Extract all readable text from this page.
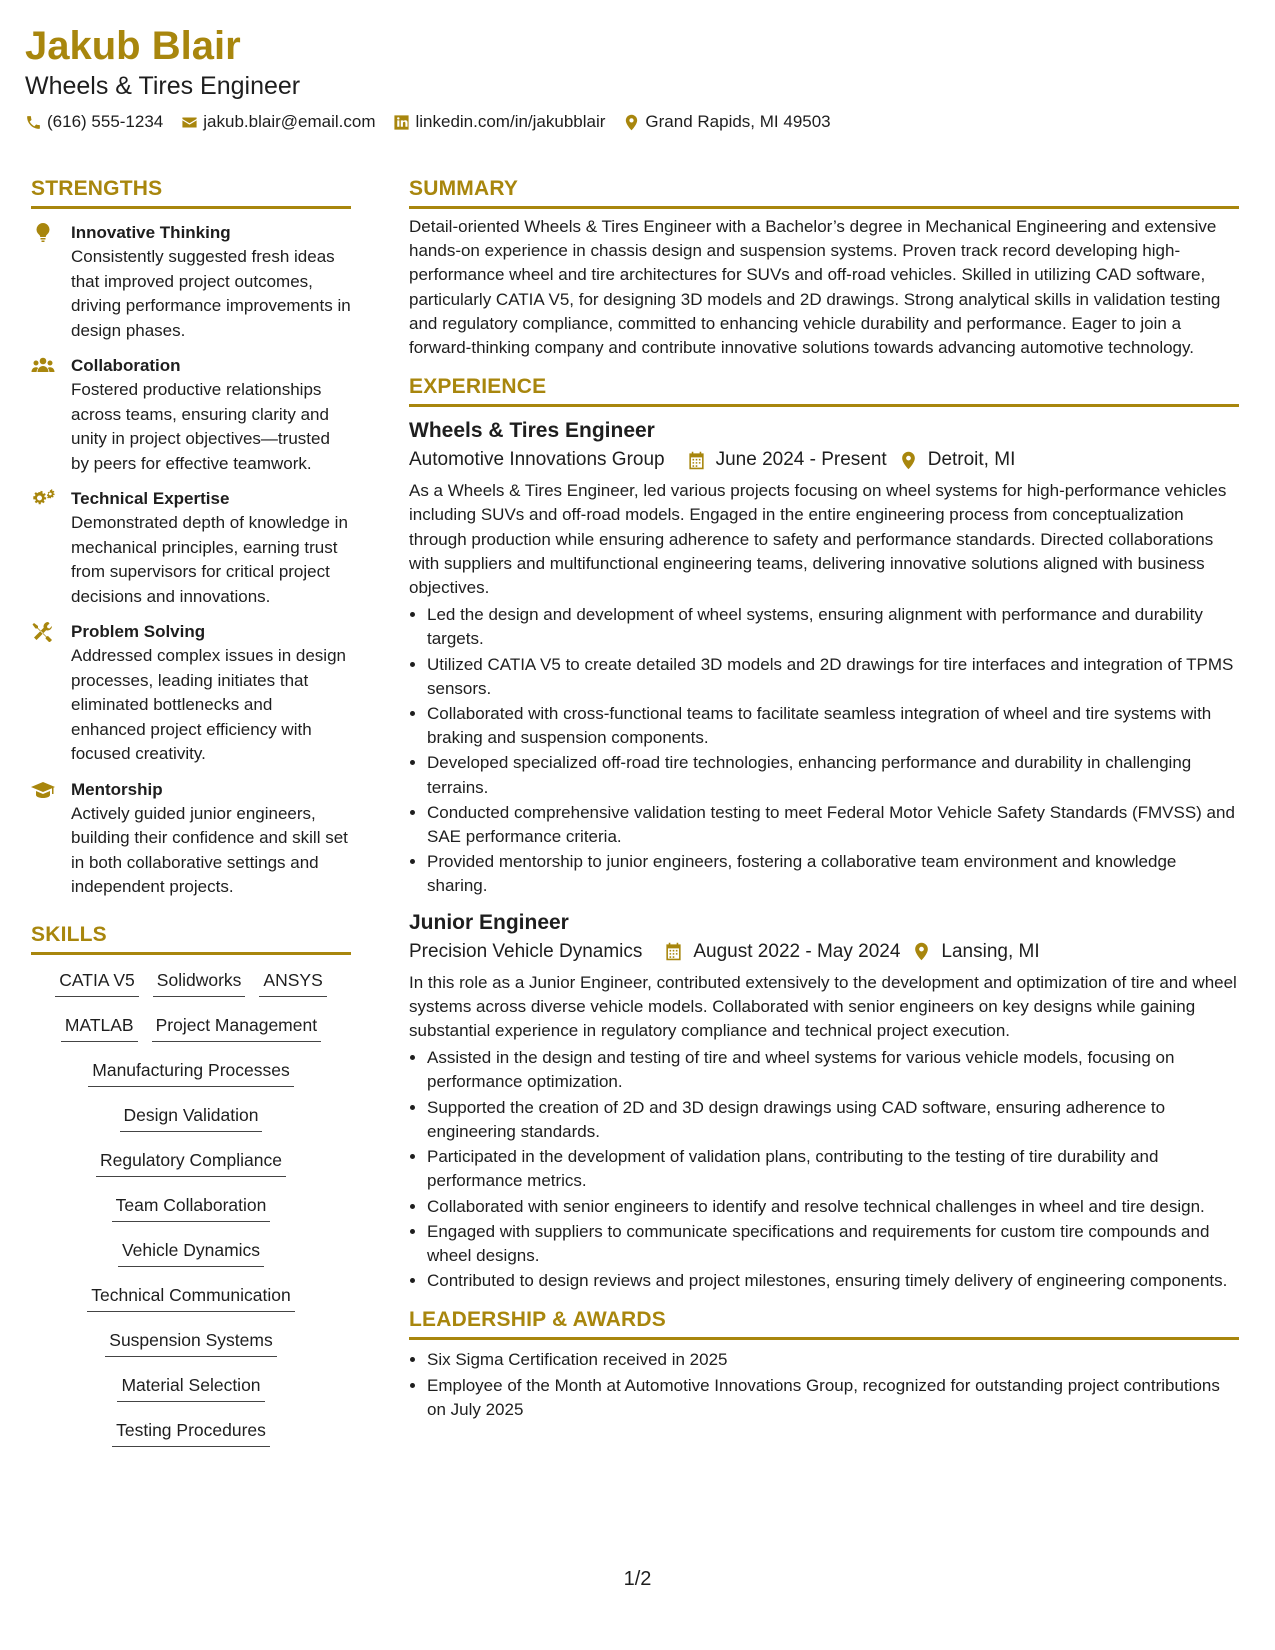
Jakub Blair
Wheels & Tires Engineer
(616) 555-1234 jakub.blair@email.com linkedin.com/in/jakubblair Grand Rapids, MI 49503
STRENGTHS
Innovative Thinking
Consistently suggested fresh ideas that improved project outcomes, driving performance improvements in design phases.
Collaboration
Fostered productive relationships across teams, ensuring clarity and unity in project objectives—trusted by peers for effective teamwork.
Technical Expertise
Demonstrated depth of knowledge in mechanical principles, earning trust from supervisors for critical project decisions and innovations.
Problem Solving
Addressed complex issues in design processes, leading initiates that eliminated bottlenecks and enhanced project efficiency with focused creativity.
Mentorship
Actively guided junior engineers, building their confidence and skill set in both collaborative settings and independent projects.
SKILLS
CATIA V5 Solidworks ANSYS
MATLAB Project Management
Manufacturing Processes
Design Validation
Regulatory Compliance
Team Collaboration
Vehicle Dynamics
Technical Communication
Suspension Systems
Material Selection
Testing Procedures
SUMMARY
Detail-oriented Wheels & Tires Engineer with a Bachelor’s degree in Mechanical Engineering and extensive hands-on experience in chassis design and suspension systems. Proven track record developing high-performance wheel and tire architectures for SUVs and off-road vehicles. Skilled in utilizing CAD software, particularly CATIA V5, for designing 3D models and 2D drawings. Strong analytical skills in validation testing and regulatory compliance, committed to enhancing vehicle durability and performance. Eager to join a forward-thinking company and contribute innovative solutions towards advancing automotive technology.
EXPERIENCE
Wheels & Tires Engineer
Automotive Innovations Group	June 2024 - Present Detroit, MI
As a Wheels & Tires Engineer, led various projects focusing on wheel systems for high-performance vehicles including SUVs and off-road models. Engaged in the entire engineering process from conceptualization through production while ensuring adherence to safety and performance standards. Directed collaborations with suppliers and multifunctional engineering teams, delivering innovative solutions aligned with business objectives.
• Led the design and development of wheel systems, ensuring alignment with performance and durability targets.
• Utilized CATIA V5 to create detailed 3D models and 2D drawings for tire interfaces and integration of TPMS sensors.
• Collaborated with cross-functional teams to facilitate seamless integration of wheel and tire systems with braking and suspension components.
• Developed specialized off-road tire technologies, enhancing performance and durability in challenging terrains.
• Conducted comprehensive validation testing to meet Federal Motor Vehicle Safety Standards (FMVSS) and SAE performance criteria.
• Provided mentorship to junior engineers, fostering a collaborative team environment and knowledge sharing.
Junior Engineer
Precision Vehicle Dynamics	August 2022 - May 2024 Lansing, MI
In this role as a Junior Engineer, contributed extensively to the development and optimization of tire and wheel systems across diverse vehicle models. Collaborated with senior engineers on key designs while gaining substantial experience in regulatory compliance and technical project execution.
• Assisted in the design and testing of tire and wheel systems for various vehicle models, focusing on performance optimization.
• Supported the creation of 2D and 3D design drawings using CAD software, ensuring adherence to engineering standards.
• Participated in the development of validation plans, contributing to the testing of tire durability and performance metrics.
• Collaborated with senior engineers to identify and resolve technical challenges in wheel and tire design.
• Engaged with suppliers to communicate specifications and requirements for custom tire compounds and wheel designs.
• Contributed to design reviews and project milestones, ensuring timely delivery of engineering components.
LEADERSHIP & AWARDS
• Six Sigma Certification received in 2025
• Employee of the Month at Automotive Innovations Group, recognized for outstanding project contributions on July 2025
1/2
